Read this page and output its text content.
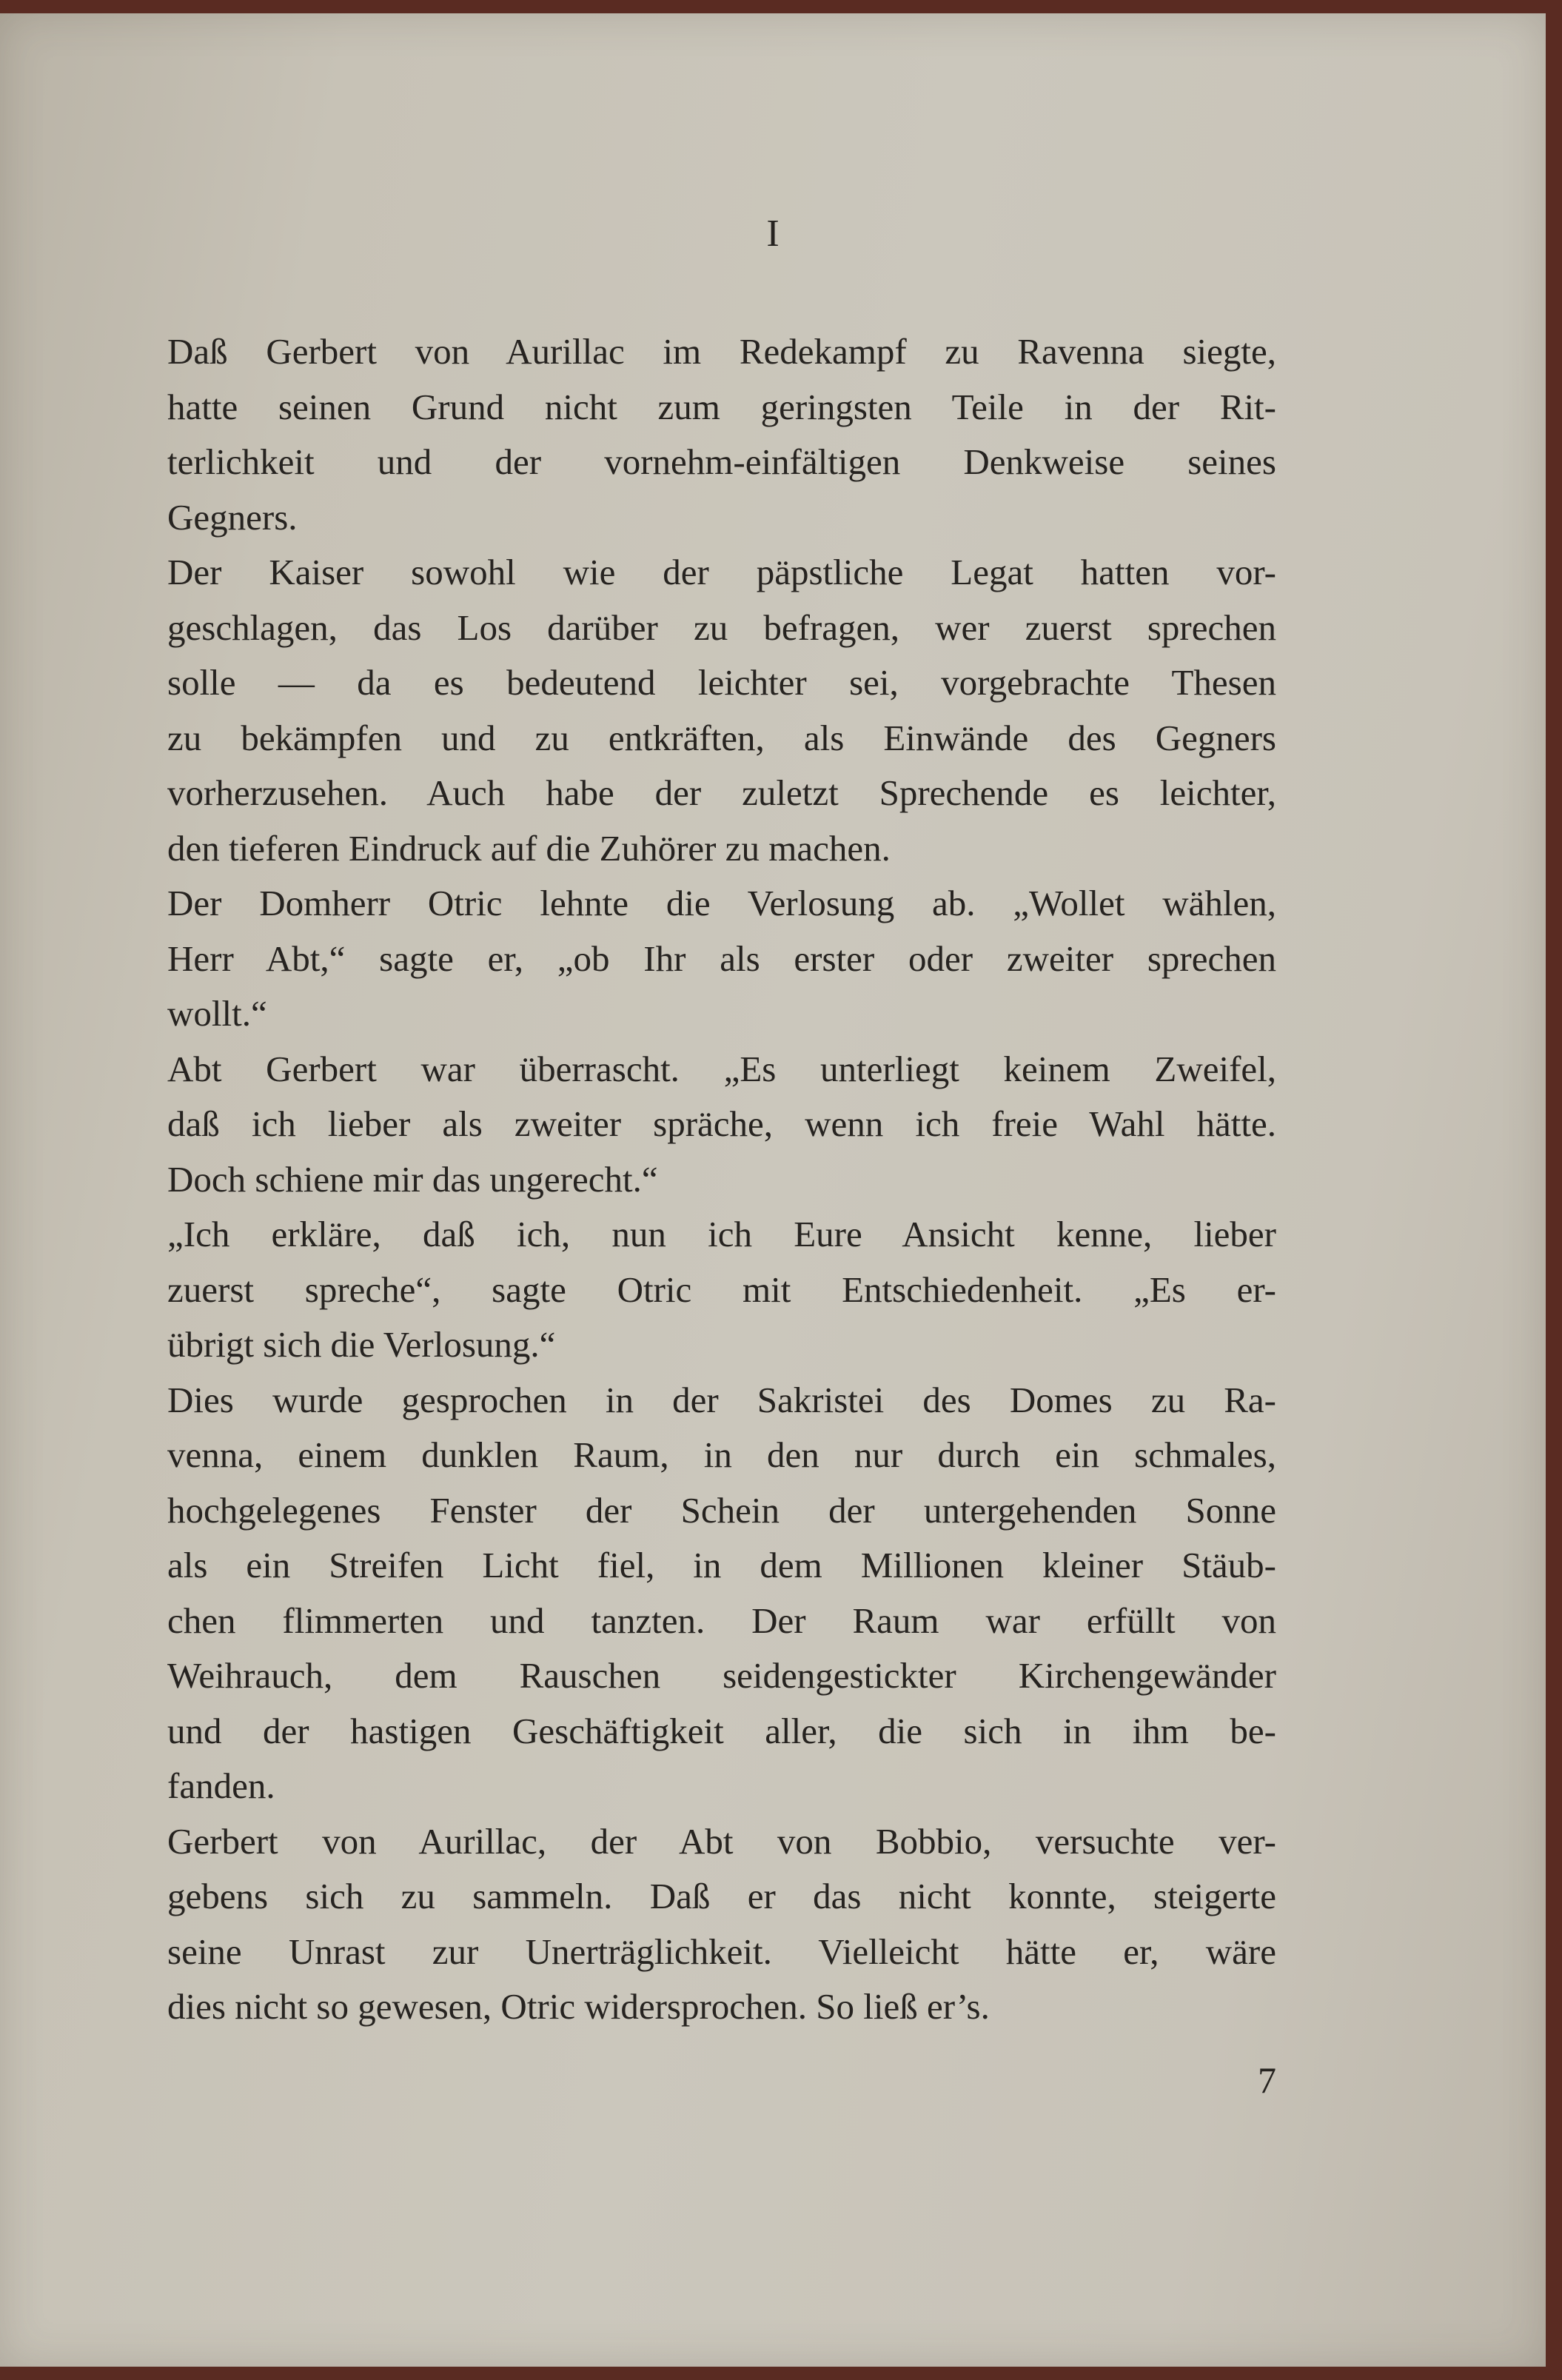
I
Daß Gerbert von Aurillac im Redekampf zu Ravenna siegte,
hatte seinen Grund nicht zum geringsten Teile in der Rit-
terlichkeit und der vornehm-einfältigen Denkweise seines
Gegners.
Der Kaiser sowohl wie der päpstliche Legat hatten vor-
geschlagen, das Los darüber zu befragen, wer zuerst sprechen
solle — da es bedeutend leichter sei, vorgebrachte Thesen
zu bekämpfen und zu entkräften, als Einwände des Gegners
vorherzusehen. Auch habe der zuletzt Sprechende es leichter,
den tieferen Eindruck auf die Zuhörer zu machen.
Der Domherr Otric lehnte die Verlosung ab. „Wollet wählen,
Herr Abt,“ sagte er, „ob Ihr als erster oder zweiter sprechen
wollt.“
Abt Gerbert war überrascht. „Es unterliegt keinem Zweifel,
daß ich lieber als zweiter spräche, wenn ich freie Wahl hätte.
Doch schiene mir das ungerecht.“
„Ich erkläre, daß ich, nun ich Eure Ansicht kenne, lieber
zuerst spreche“, sagte Otric mit Entschiedenheit. „Es er-
übrigt sich die Verlosung.“
Dies wurde gesprochen in der Sakristei des Domes zu Ra-
venna, einem dunklen Raum, in den nur durch ein schmales,
hochgelegenes Fenster der Schein der untergehenden Sonne
als ein Streifen Licht fiel, in dem Millionen kleiner Stäub-
chen flimmerten und tanzten. Der Raum war erfüllt von
Weihrauch, dem Rauschen seidengestickter Kirchengewänder
und der hastigen Geschäftigkeit aller, die sich in ihm be-
fanden.
Gerbert von Aurillac, der Abt von Bobbio, versuchte ver-
gebens sich zu sammeln. Daß er das nicht konnte, steigerte
seine Unrast zur Unerträglichkeit. Vielleicht hätte er, wäre
dies nicht so gewesen, Otric widersprochen. So ließ er’s.
7
